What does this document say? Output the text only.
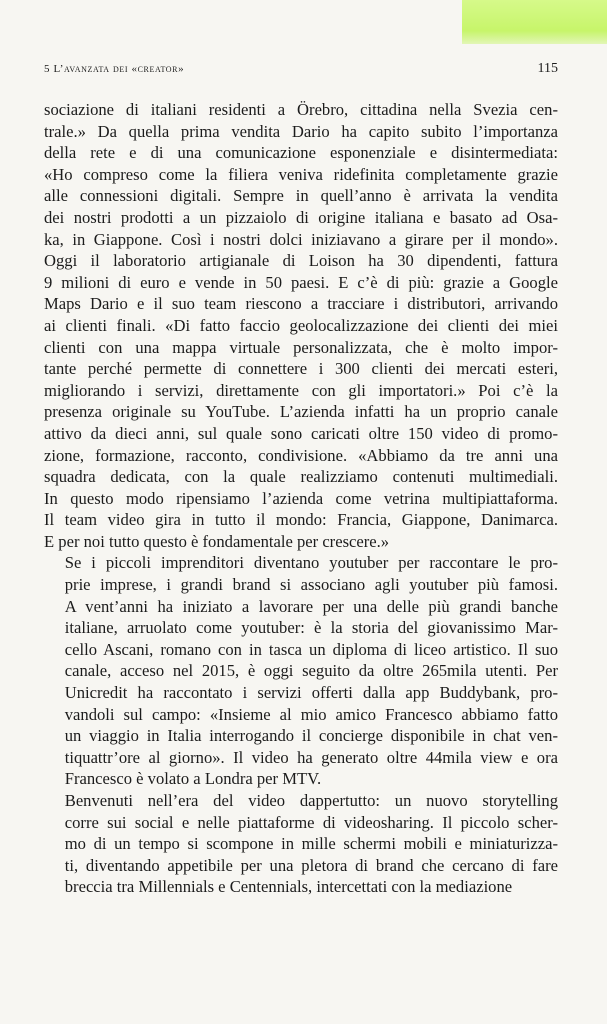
5 L’avanzata dei «creator»	115

sociazione di italiani residenti a Örebro, cittadina nella Svezia cen-
trale.» Da quella prima vendita Dario ha capito subito l’importanza
della rete e di una comunicazione esponenziale e disintermediata:
«Ho compreso come la filiera veniva ridefinita completamente grazie
alle connessioni digitali. Sempre in quell’anno è arrivata la vendita
dei nostri prodotti a un pizzaiolo di origine italiana e basato ad Osa-
ka, in Giappone. Così i nostri dolci iniziavano a girare per il mondo».
Oggi il laboratorio artigianale di Loison ha 30 dipendenti, fattura
9 milioni di euro e vende in 50 paesi. E c’è di più: grazie a Google
Maps Dario e il suo team riescono a tracciare i distributori, arrivando
ai clienti finali. «Di fatto faccio geolocalizzazione dei clienti dei miei
clienti con una mappa virtuale personalizzata, che è molto impor-
tante perché permette di connettere i 300 clienti dei mercati esteri,
migliorando i servizi, direttamente con gli importatori.» Poi c’è la
presenza originale su YouTube. L’azienda infatti ha un proprio canale
attivo da dieci anni, sul quale sono caricati oltre 150 video di promo-
zione, formazione, racconto, condivisione. «Abbiamo da tre anni una
squadra dedicata, con la quale realizziamo contenuti multimediali.
In questo modo ripensiamo l’azienda come vetrina multipiattaforma.
Il team video gira in tutto il mondo: Francia, Giappone, Danimarca.
E per noi tutto questo è fondamentale per crescere.»

Se i piccoli imprenditori diventano youtuber per raccontare le pro-
prie imprese, i grandi brand si associano agli youtuber più famosi.
A vent’anni ha iniziato a lavorare per una delle più grandi banche
italiane, arruolato come youtuber: è la storia del giovanissimo Mar-
cello Ascani, romano con in tasca un diploma di liceo artistico. Il suo
canale, acceso nel 2015, è oggi seguito da oltre 265mila utenti. Per
Unicredit ha raccontato i servizi offerti dalla app Buddybank, pro-
vandoli sul campo: «Insieme al mio amico Francesco abbiamo fatto
un viaggio in Italia interrogando il concierge disponibile in chat ven-
tiquattr’ore al giorno». Il video ha generato oltre 44mila view e ora
Francesco è volato a Londra per MTV.

Benvenuti nell’era del video dappertutto: un nuovo storytelling
corre sui social e nelle piattaforme di videosharing. Il piccolo scher-
mo di un tempo si scompone in mille schermi mobili e miniaturizza-
ti, diventando appetibile per una pletora di brand che cercano di fare
breccia tra Millennials e Centennials, intercettati con la mediazione
